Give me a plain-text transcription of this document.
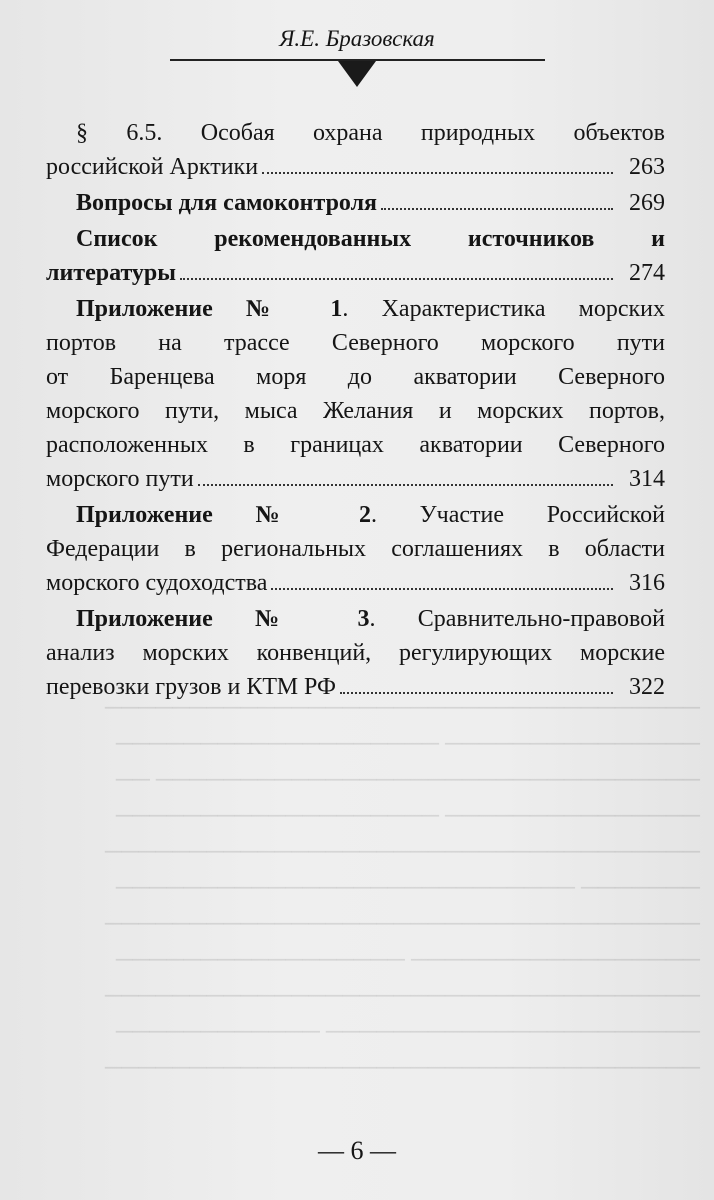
───────────────────────────────────
─────────────── ───────────────────
──────────────────────────────── ──
─────────────── ───────────────────
───────────────────────────────────
─────── ───────────────────────────
───────────────────────────────────
───────────────── ─────────────────
───────────────────────────────────
────────────────────── ────────────
───────────────────────────────────
Я.Е. Бразовская
§ 6.5. Особая охрана природных объектов
российской Арктики	263
Вопросы для самоконтроля	269
Список рекомендованных источников и
литературы	274
Приложение № 1. Характеристика морских
портов на трассе Северного морского пути
от Баренцева моря до акватории Северного
морского пути, мыса Желания и морских портов,
расположенных в границах акватории Северного
морского пути	314
Приложение № 2. Участие Российской
Федерации в региональных соглашениях в области
морского судоходства	316
Приложение № 3. Сравнительно-правовой
анализ морских конвенций, регулирующих морские
перевозки грузов и КТМ РФ	322
— 6 —
